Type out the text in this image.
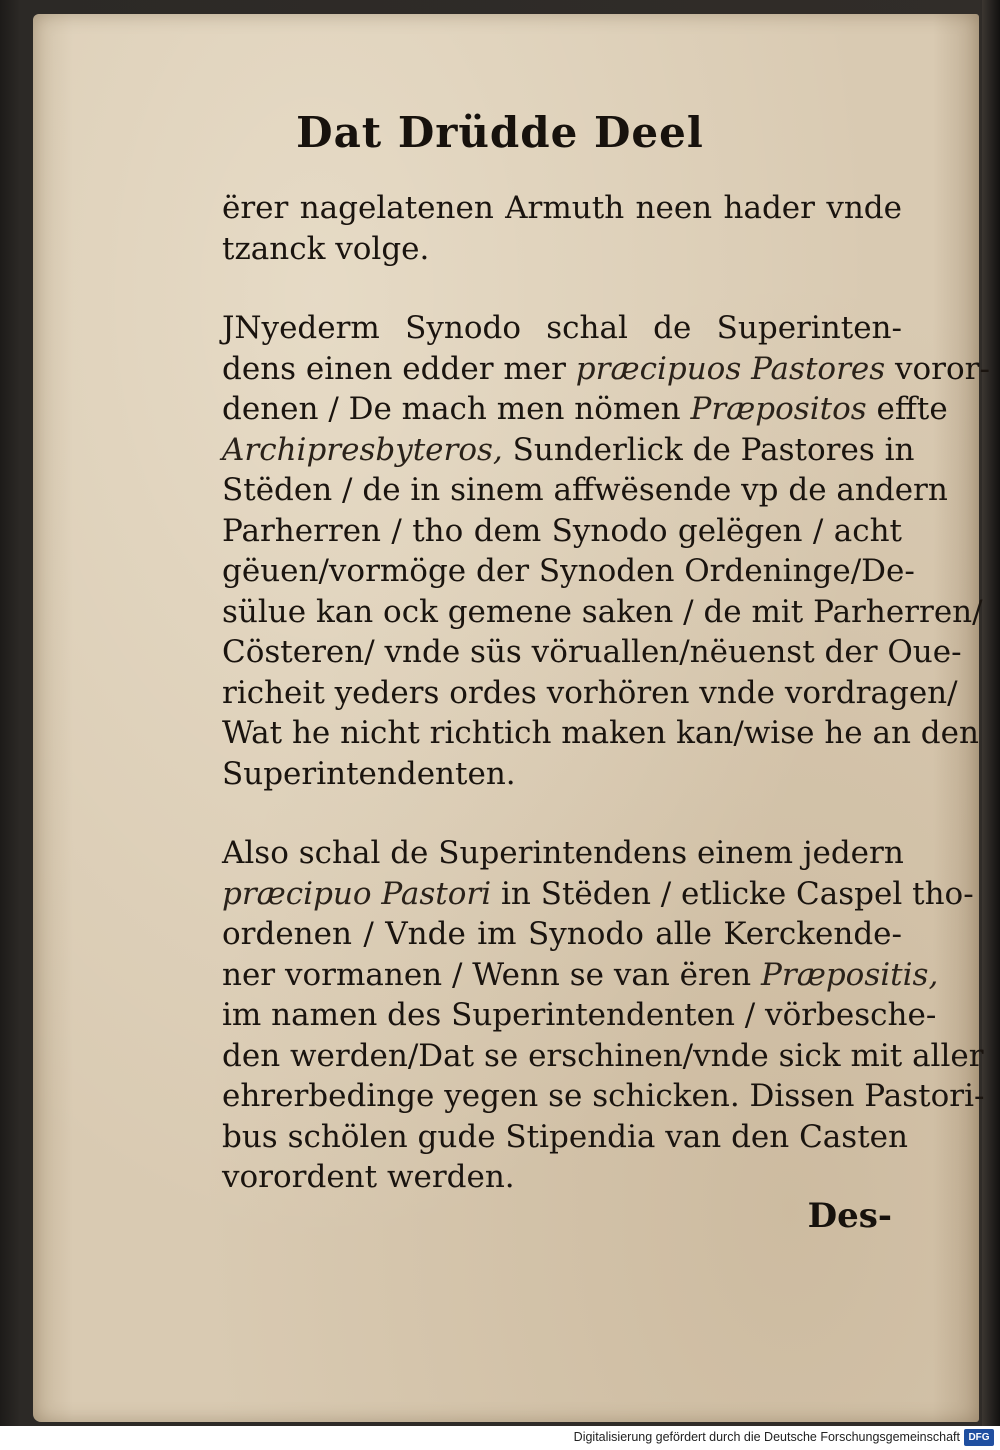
Dat Drüdde Deel
ërer nagelatenen Armuth neen hader vnde
tzanck volge.
JNyederm Synodo schal de Superinten-
dens einen edder mer præcipuos Pastores voror-
denen / De mach men nömen Præpositos effte
Archipresbyteros, Sunderlick de Pastores in
Stëden / de in sinem affwësende vp de andern
Parherren / tho dem Synodo gelëgen / acht
gëuen/vormöge der Synoden Ordeninge/De-
sülue kan ock gemene saken / de mit Parherren/
Cösteren/ vnde süs vöruallen/nëuenst der Oue-
richeit yeders ordes vorhören vnde vordragen/
Wat he nicht richtich maken kan/wise he an den
Superintendenten.
Also schal de Superintendens einem jedern
præcipuo Pastori in Stëden / etlicke Caspel tho-
ordenen / Vnde im Synodo alle Kerckende-
ner vormanen / Wenn se van ëren Præpositis,
im namen des Superintendenten / vörbesche-
den werden/Dat se erschinen/vnde sick mit aller
ehrerbedinge yegen se schicken. Dissen Pastori-
bus schölen gude Stipendia van den Casten
vorordent werden.
Des-
Digitalisierung gefördert durch die Deutsche Forschungsgemeinschaft DFG
